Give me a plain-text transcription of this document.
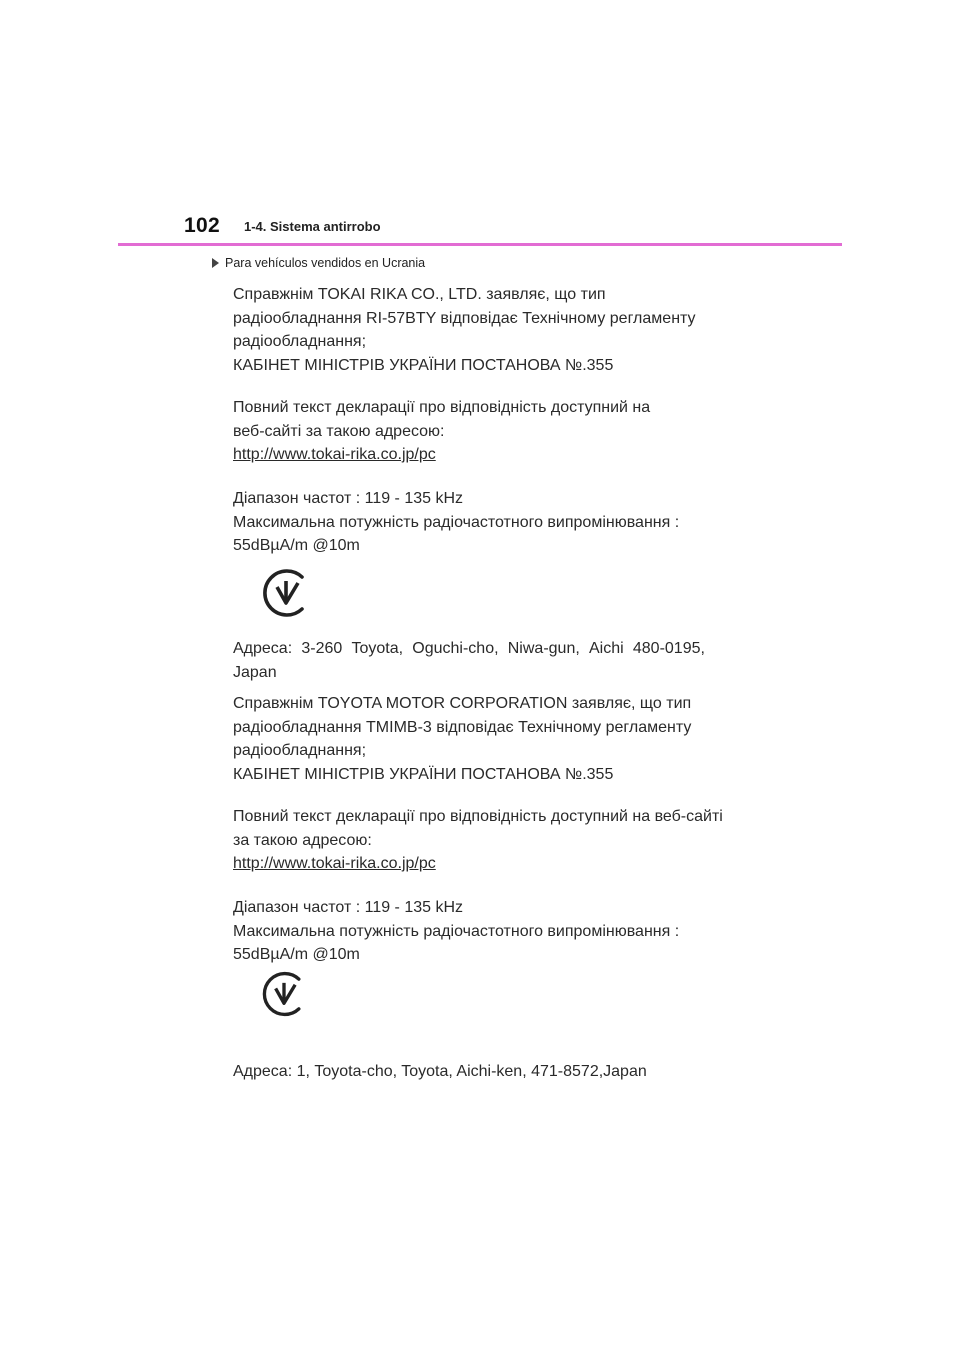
102 1-4. Sistema antirrobo
Para vehículos vendidos en Ucrania

Справжнім TOKAI RIKA CO., LTD. заявляє, що тип

радіообладнання RI-57BTY відповідає Технічному регламенту

радіообладнання;

КАБІНЕТ МІНІСТРІВ УКРАЇНИ ПОСТАНОВА №.355

Повний текст декларації про відповідність доступний на

веб-сайті за такою адресою:

http://www.tokai-rika.co.jp/pc

Діапазон частот : 119 - 135 kHz

Максимальна потужність радіочастотного випромінювання :

55dBµA/m @10m

Адреса: 3-260 Toyota, Oguchi-cho, Niwa-gun, Aichi 480-0195,

Japan

Справжнім TOYOTA MOTOR CORPORATION заявляє, що тип

радіообладнання TMIMB-3 відповідає Технічному регламенту

радіообладнання;

КАБІНЕТ МІНІСТРІВ УКРАЇНИ ПОСТАНОВА №.355

Повний текст декларації про відповідність доступний на веб-сайті

за такою адресою:

http://www.tokai-rika.co.jp/pc

Діапазон частот : 119 - 135 kHz

Максимальна потужність радіочастотного випромінювання :

55dBµA/m @10m

Адреса: 1, Toyota-cho, Toyota, Aichi-ken, 471-8572,Japan
